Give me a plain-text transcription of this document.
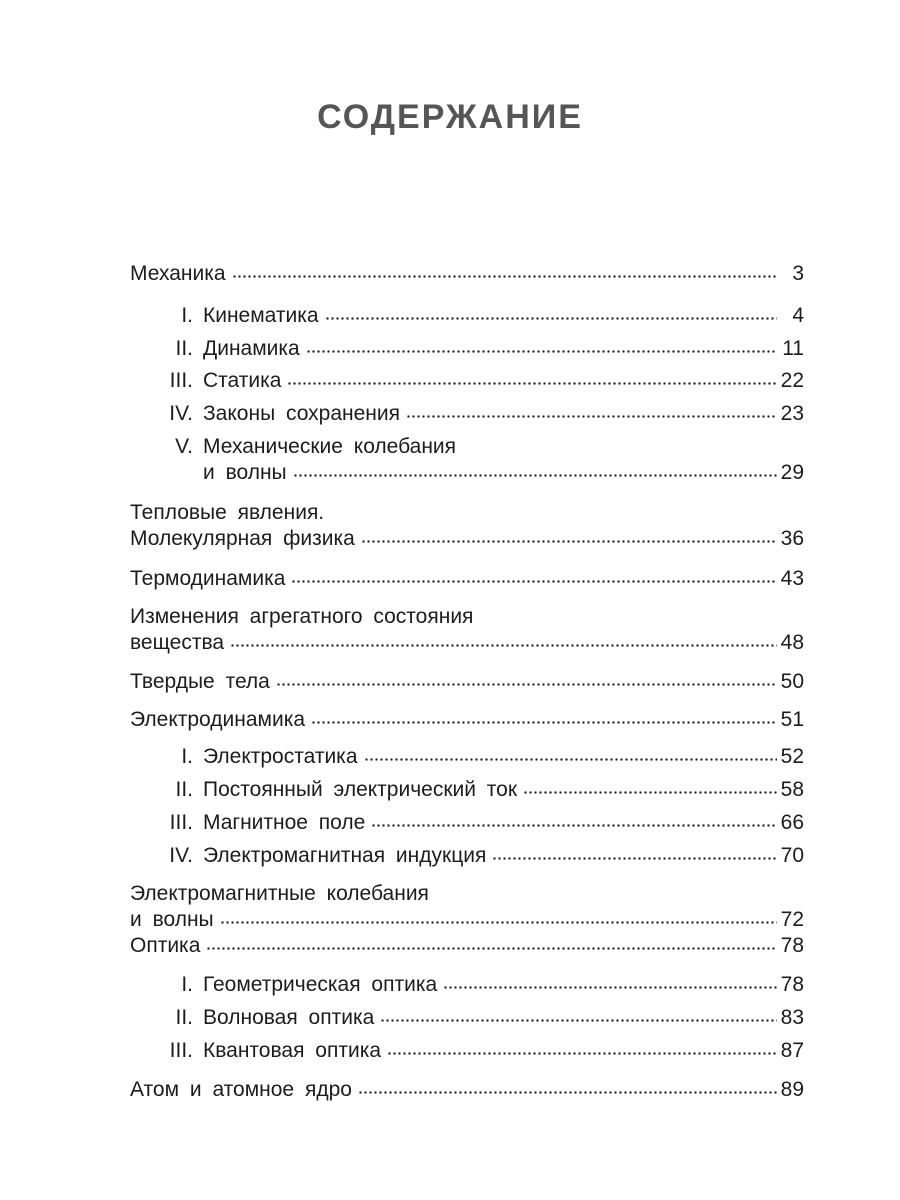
СОДЕРЖАНИЕ
Механика	3
I. Кинематика	4
II. Динамика	11
III. Статика	22
IV. Законы сохранения	23
V. Механические колебания
и волны	29
Тепловые явления.
Молекулярная физика	36
Термодинамика	43
Изменения агрегатного состояния
вещества	48
Твердые тела	50
Электродинамика	51
I. Электростатика	52
II. Постоянный электрический ток	58
III. Магнитное поле	66
IV. Электромагнитная индукция	70
Электромагнитные колебания
и волны	72
Оптика	78
I. Геометрическая оптика	78
II. Волновая оптика	83
III. Квантовая оптика	87
Атом и атомное ядро	89
